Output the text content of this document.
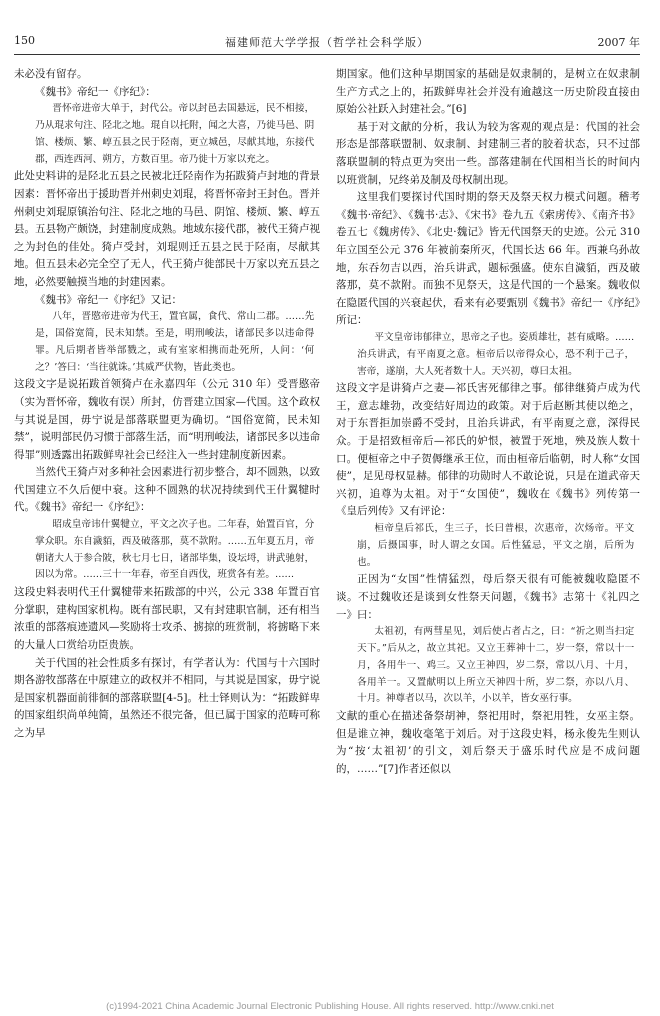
150	福建师范大学学报（哲学社会科学版）	2007 年

未必没有留存。

《魏书》帝纪一《序纪》：

晋怀帝进帝大单于，封代公。帝以封邑去国悬远，民不相接，乃从琨求句注、陉北之地。琨自以托附，闻之大喜，乃徙马邑、阴馆、楼烦、繁、崞五县之民于陉南，更立城邑，尽献其地，东接代郡，西连西河、朔方，方数百里。帝乃徙十万家以充之。

此处史料讲的是陉北五县之民被北迁陉南作为拓跋猗卢封地的背景因素：晋怀帝出于援助晋并州刺史刘琨，将晋怀帝封王封色。晋并州刺史刘琨原镇治句注、陉北之地的马邑、阴馆、楼烦、繁、崞五县。五县物产颇饶，封建制度成熟。地域东接代郡，被代王猗卢视之为封色的佳处。猗卢受封，刘琨则迁五县之民于陉南，尽献其地。但五县未必完全空了无人，代王猗卢徙部民十万家以充五县之地，必然要触摸当地的封建因素。

《魏书》帝纪一《序纪》又记：

八年，晋愍帝进帝为代王，置官属，食代、常山二郡。……先是，国俗宽简，民未知禁。至是，明刑峻法，诸部民多以违命得罪。凡后期者皆举部戮之，或有室家相携而赴死所，人问：‘何之？’答曰：‘当往就诛。’其威严伏物，皆此类也。

这段文字是说拓跋首领猗卢在永嘉四年（公元 310 年）受晋愍帝（实为晋怀帝，魏收有误）所封，仿晋建立国家—代国。这个政权与其说是国，毋宁说是部落联盟更为确切。“国俗宽简，民未知禁”，说明部民仍习惯于部落生活，而“明刑峻法，诸部民多以违命得罪”则透露出拓跋鲜卑社会已经注入一些封建制度新因素。

当然代王猗卢对多种社会因素进行初步整合，却不圆熟，以致代国建立不久后便中衰。这种不圆熟的状况持续到代王什翼犍时代。《魏书》帝纪一《序纪》：

昭成皇帝讳什翼犍立，平文之次子也。二年春，始置百官，分掌众职。东自濊貊，西及破落那，莫不款附。……五年夏五月，帝朝诸大人于参合陂，秋七月七日，诸部毕集，设坛埒，讲武驰射，因以为常。……三十一年春，帝至自西伐，班赏各有差。……

这段史料表明代王什翼犍带来拓跋部的中兴，公元 338 年置百官分掌职，建构国家机构。既有部民职，又有封建职官制，还有相当浓重的部落痕迹遗风—奖励将士攻杀、掳掠的班赏制，将掳略下来的大量人口赏给功臣贵族。

关于代国的社会性质多有探讨，有学者认为：代国与十六国时期各游牧部落在中原建立的政权并不相同，与其说是国家，毋宁说是国家机器面前徘徊的部落联盟[4-5]。杜士铎则认为：“拓跋鲜卑的国家组织尚单纯简，虽然还不很完备，但已属于国家的范畴可称之为早

期国家。他们这种早期国家的基础是奴隶制的，是树立在奴隶制生产方式之上的，拓跋鲜卑社会并没有逾越这一历史阶段直接由原始公社跃入封建社会。”[6]

基于对文献的分析，我认为较为客观的观点是：代国的社会形态是部落联盟制、奴隶制、封建制三者的胶着状态，只不过部落联盟制的特点更为突出一些。部落建制在代国相当长的时间内以班赏制，兄终弟及制及母权制出现。

这里我们要探讨代国时期的祭天及祭天权力模式问题。稽考《魏书·帝纪》、《魏书·志》、《宋书》卷九五《索虏传》、《南齐书》卷五七《魏虏传》、《北史·魏记》皆无代国祭天的史迹。公元 310 年立国至公元 376 年被前秦所灭，代国长达 66 年。西兼乌孙故地，东吞勿吉以西，治兵讲武，题标强盛。使东自濊貊，西及破落那，莫不款附。而独不见祭天，这是代国的一个悬案。魏收似在隐匿代国的兴衰起伏，看来有必要甄别《魏书》帝纪一《序纪》所记：

平文皇帝讳郁律立，思帝之子也。姿质雄壮，甚有威略。……治兵讲武，有平南夏之意。桓帝后以帝得众心，恐不利于己子，害帝，遂崩，大人死者数十人。天兴初，尊曰太祖。

这段文字是讲猗卢之妻—祁氏害死郁律之事。郁律继猗卢成为代王，意志雄勃，改变结好周边的政策。对于后赵断其使以绝之，对于东晋拒加崇爵不受封，且治兵讲武，有平南夏之意，深得民众。于是招致桓帝后—祁氏的妒恨，被置于死地，殃及族人数十口。便桓帝之中子贺傉继承王位，而由桓帝后临朝，时人称“女国使”，足见母权显赫。郁律的功勋时人不敢论说，只是在道武帝天兴初，追尊为太祖。对于“女国使”，魏收在《魏书》列传第一《皇后列传》又有评论：

桓帝皇后祁氏，生三子，长曰普根，次惠帝，次炀帝。平文崩，后摄国事，时人谓之女国。后性猛忌，平文之崩，后所为也。

正因为“女国”性情猛烈，母后祭天很有可能被魏收隐匿不谈。不过魏收还是谈到女性祭天问题，《魏书》志第十《礼四之一》曰：

太祖初，有两彗星见，刘后使占者占之，曰：“祈之则当扫定天下。”后从之，故立其祀。又立王葬神十二，岁一祭，常以十一月，各用牛一、鸡三。又立王神四，岁二祭，常以八月、十月，各用羊一。又置献明以上所立天神四十所，岁二祭，亦以八月、十月。神尊者以马，次以羊，小以羊，皆女巫行事。

文献的重心在描述备祭胡神，祭祀用时，祭祀用牲，女巫主祭。但是谁立神，魏收毫笔于刘后。对于这段史料，杨永俊先生则认为“按‘太祖初’的引文，刘后祭天于盛乐时代应是不成问题的，……”[7]作者还似以

(c)1994-2021 China Academic Journal Electronic Publishing House. All rights reserved. http://www.cnki.net
